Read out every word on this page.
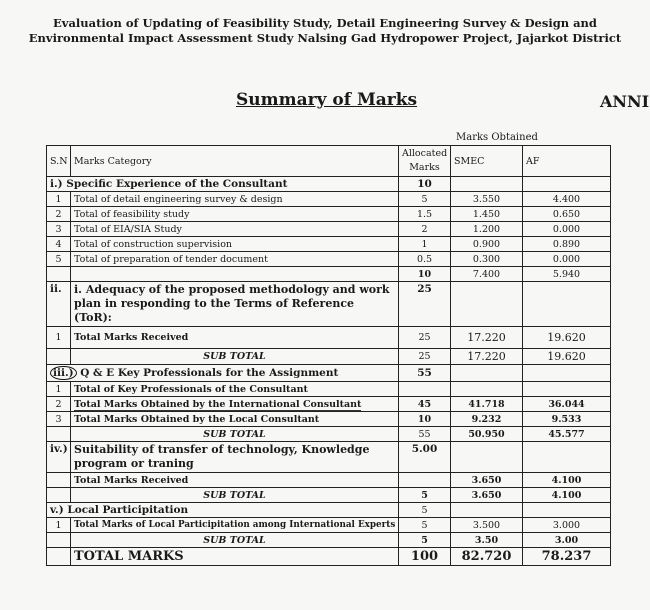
Evaluation of Updating of Feasibility Study, Detail Engineering Survey & Design and
Environmental Impact Assessment Study Nalsing Gad Hydropower Project, Jajarkot District
Summary of Marks	ANNI
Marks Obtained
S.N	Marks Category	Allocated Marks	SMEC	AF
i.) Specific Experience of the Consultant		10		
1	Total of detail engineering survey & design	5	3.550	4.400
2	Total of feasibility study	1.5	1.450	0.650
3	Total of EIA/SIA Study	2	1.200	0.000
4	Total of construction supervision	1	0.900	0.890
5	Total of preparation of tender document	0.5	0.300	0.000
		10	7.400	5.940
ii.	i. Adequacy of the proposed methodology and work plan in responding to the Terms of Reference (ToR):	25		
1	Total Marks Received	25	17.220	19.620
	SUB TOTAL	25	17.220	19.620
iii.) Q & E Key Professionals for the Assignment		55		
1	Total of Key Professionals of the Consultant			
2	Total Marks Obtained by the International Consultant	45	41.718	36.044
3	Total Marks Obtained by the Local Consultant	10	9.232	9.533
	SUB TOTAL	55	50.950	45.577
iv.)	Suitability of transfer of technology, Knowledge program or traning	5.00		
	Total Marks Received		3.650	4.100
	SUB TOTAL	5	3.650	4.100
v.) Local Participitation		5		
1	Total Marks of Local Participitation among International Experts	5	3.500	3.000
	SUB TOTAL	5	3.50	3.00
	TOTAL MARKS	100	82.720	78.237
